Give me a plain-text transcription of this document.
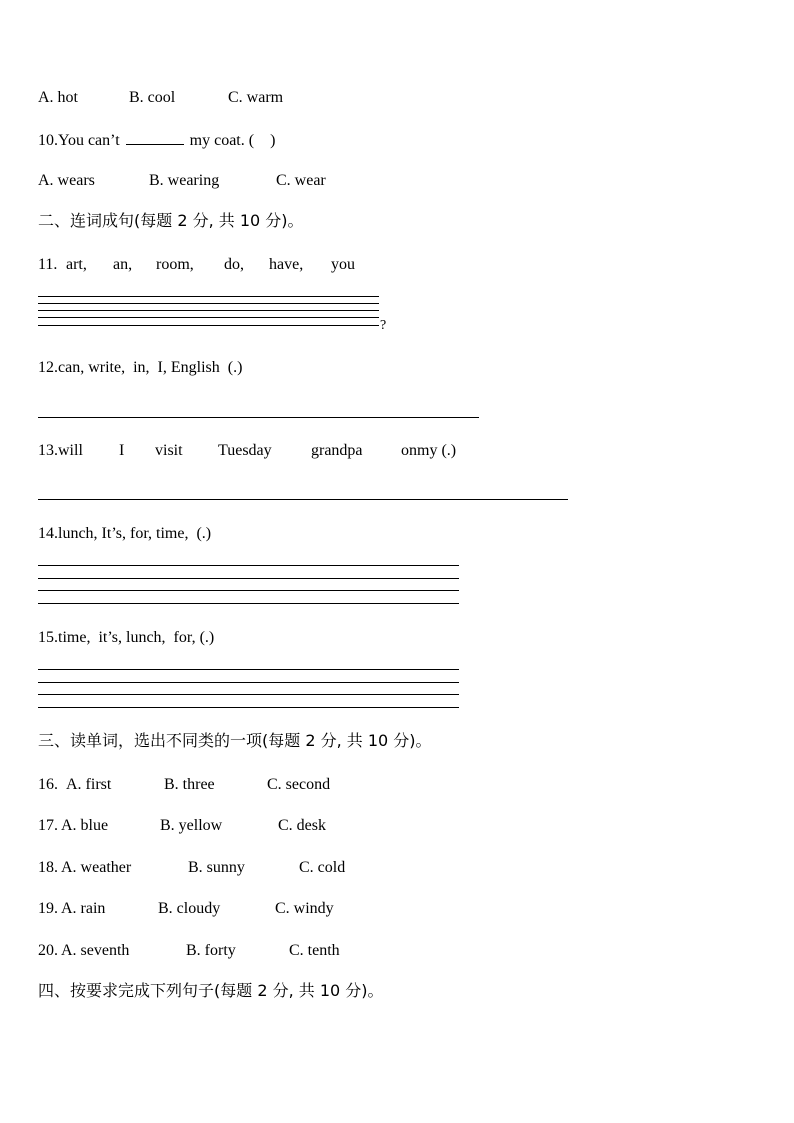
A. hot

	B. cool

	C. warm

10.You can’t	my coat. (    )

A. wears

	B. wearing

	C. wear

二、连词成句(每题 2 分, 共 10 分)。

11.

art,

an,

room,

do,

have,

you

?
12.can, write,  in,  I, English  (.)

13.will

I

visit

Tuesday

grandpa

onmy (.)

14.lunch, It’s, for, time,  (.)
15.time,  it’s, lunch,  for, (.)
三、读单词，选出不同类的一项(每题 2 分, 共 10 分)。

16.

A. first

	B. three

	C. second

17.

A. blue

	B. yellow

	C. desk

18.

A. weather

	B. sunny

	C. cold

19.

A. rain

	B. cloudy

	C. windy

20.

A. seventh

	B. forty

	C. tenth

四、按要求完成下列句子(每题 2 分, 共 10 分)。
